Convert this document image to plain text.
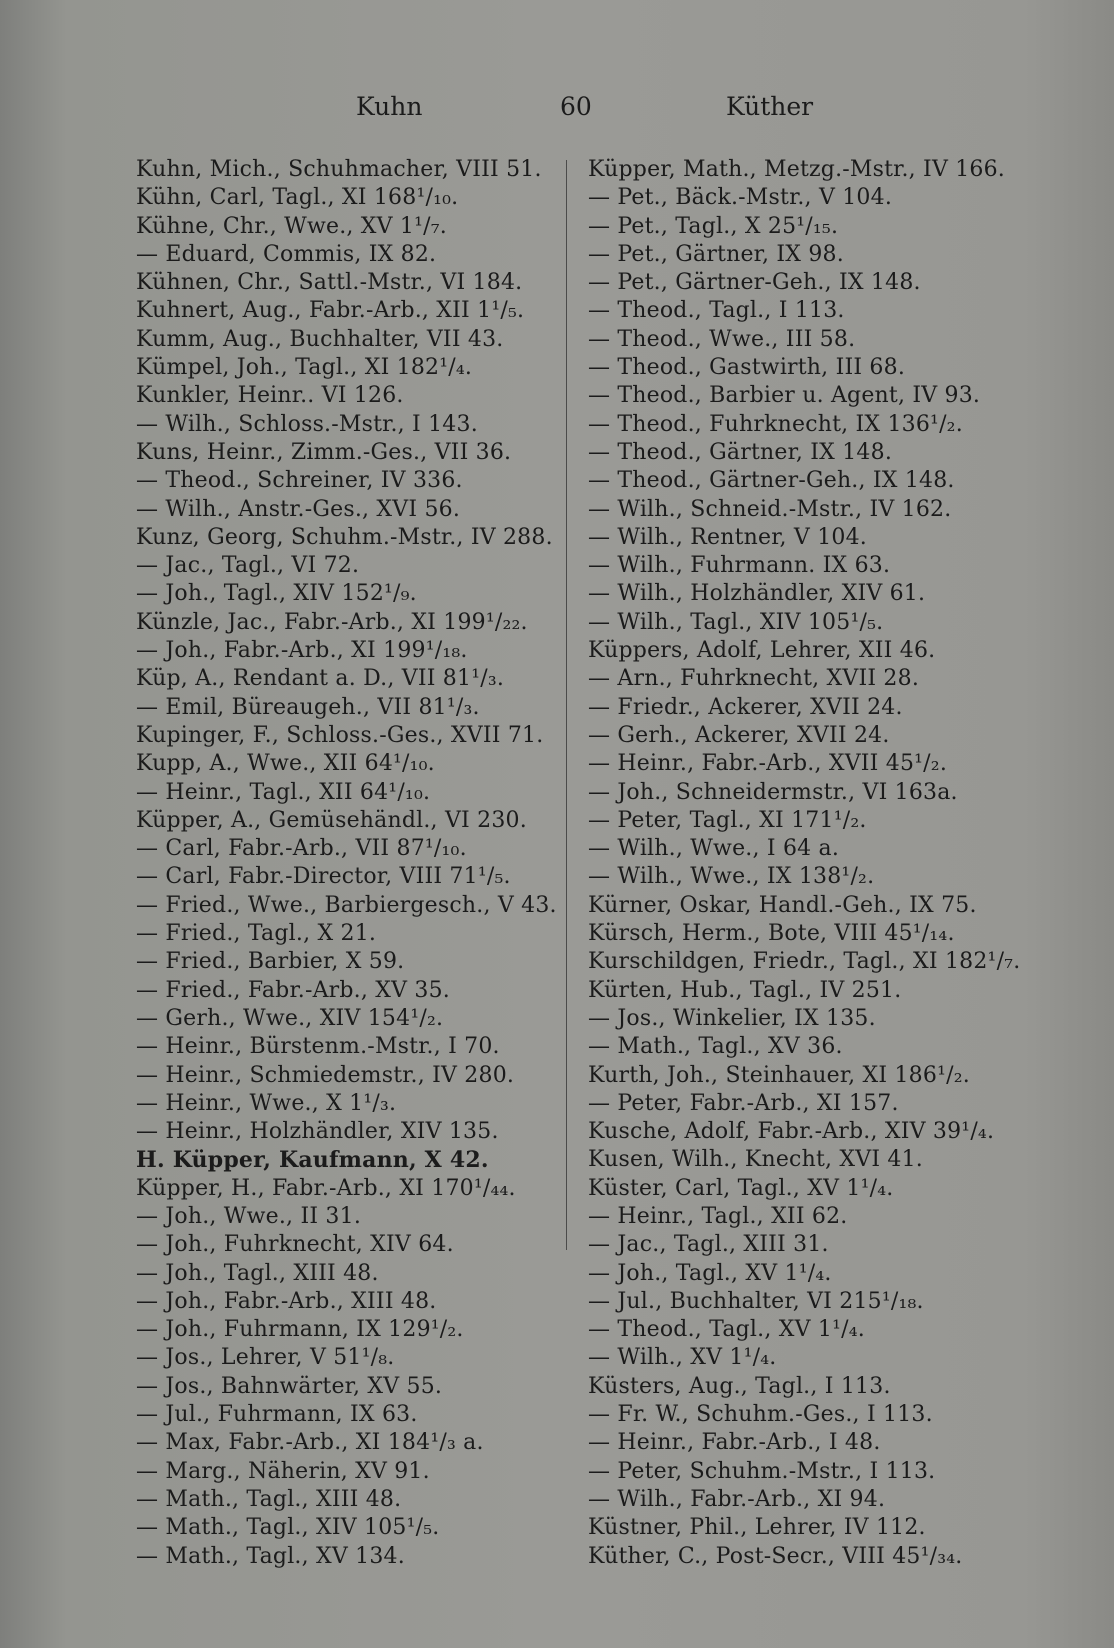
Kuhn	60	Küther
Kuhn, Mich., Schuhmacher, VIII 51.
Kühn, Carl, Tagl., XI 168¹/₁₀.
Kühne, Chr., Wwe., XV 1¹/₇.
— Eduard, Commis, IX 82.
Kühnen, Chr., Sattl.-Mstr., VI 184.
Kuhnert, Aug., Fabr.-Arb., XII 1¹/₅.
Kumm, Aug., Buchhalter, VII 43.
Kümpel, Joh., Tagl., XI 182¹/₄.
Kunkler, Heinr.. VI 126.
— Wilh., Schloss.-Mstr., I 143.
Kuns, Heinr., Zimm.-Ges., VII 36.
— Theod., Schreiner, IV 336.
— Wilh., Anstr.-Ges., XVI 56.
Kunz, Georg, Schuhm.-Mstr., IV 288.
— Jac., Tagl., VI 72.
— Joh., Tagl., XIV 152¹/₉.
Künzle, Jac., Fabr.-Arb., XI 199¹/₂₂.
— Joh., Fabr.-Arb., XI 199¹/₁₈.
Küp, A., Rendant a. D., VII 81¹/₃.
— Emil, Büreaugeh., VII 81¹/₃.
Kupinger, F., Schloss.-Ges., XVII 71.
Kupp, A., Wwe., XII 64¹/₁₀.
— Heinr., Tagl., XII 64¹/₁₀.
Küpper, A., Gemüsehändl., VI 230.
— Carl, Fabr.-Arb., VII 87¹/₁₀.
— Carl, Fabr.-Director, VIII 71¹/₅.
— Fried., Wwe., Barbiergesch., V 43.
— Fried., Tagl., X 21.
— Fried., Barbier, X 59.
— Fried., Fabr.-Arb., XV 35.
— Gerh., Wwe., XIV 154¹/₂.
— Heinr., Bürstenm.-Mstr., I 70.
— Heinr., Schmiedemstr., IV 280.
— Heinr., Wwe., X 1¹/₃.
— Heinr., Holzhändler, XIV 135.
H. Küpper, Kaufmann, X 42.
Küpper, H., Fabr.-Arb., XI 170¹/₄₄.
— Joh., Wwe., II 31.
— Joh., Fuhrknecht, XIV 64.
— Joh., Tagl., XIII 48.
— Joh., Fabr.-Arb., XIII 48.
— Joh., Fuhrmann, IX 129¹/₂.
— Jos., Lehrer, V 51¹/₈.
— Jos., Bahnwärter, XV 55.
— Jul., Fuhrmann, IX 63.
— Max, Fabr.-Arb., XI 184¹/₃ a.
— Marg., Näherin, XV 91.
— Math., Tagl., XIII 48.
— Math., Tagl., XIV 105¹/₅.
— Math., Tagl., XV 134.
Küpper, Math., Metzg.-Mstr., IV 166.
— Pet., Bäck.-Mstr., V 104.
— Pet., Tagl., X 25¹/₁₅.
— Pet., Gärtner, IX 98.
— Pet., Gärtner-Geh., IX 148.
— Theod., Tagl., I 113.
— Theod., Wwe., III 58.
— Theod., Gastwirth, III 68.
— Theod., Barbier u. Agent, IV 93.
— Theod., Fuhrknecht, IX 136¹/₂.
— Theod., Gärtner, IX 148.
— Theod., Gärtner-Geh., IX 148.
— Wilh., Schneid.-Mstr., IV 162.
— Wilh., Rentner, V 104.
— Wilh., Fuhrmann. IX 63.
— Wilh., Holzhändler, XIV 61.
— Wilh., Tagl., XIV 105¹/₅.
Küppers, Adolf, Lehrer, XII 46.
— Arn., Fuhrknecht, XVII 28.
— Friedr., Ackerer, XVII 24.
— Gerh., Ackerer, XVII 24.
— Heinr., Fabr.-Arb., XVII 45¹/₂.
— Joh., Schneidermstr., VI 163a.
— Peter, Tagl., XI 171¹/₂.
— Wilh., Wwe., I 64 a.
— Wilh., Wwe., IX 138¹/₂.
Kürner, Oskar, Handl.-Geh., IX 75.
Kürsch, Herm., Bote, VIII 45¹/₁₄.
Kurschildgen, Friedr., Tagl., XI 182¹/₇.
Kürten, Hub., Tagl., IV 251.
— Jos., Winkelier, IX 135.
— Math., Tagl., XV 36.
Kurth, Joh., Steinhauer, XI 186¹/₂.
— Peter, Fabr.-Arb., XI 157.
Kusche, Adolf, Fabr.-Arb., XIV 39¹/₄.
Kusen, Wilh., Knecht, XVI 41.
Küster, Carl, Tagl., XV 1¹/₄.
— Heinr., Tagl., XII 62.
— Jac., Tagl., XIII 31.
— Joh., Tagl., XV 1¹/₄.
— Jul., Buchhalter, VI 215¹/₁₈.
— Theod., Tagl., XV 1¹/₄.
— Wilh., XV 1¹/₄.
Küsters, Aug., Tagl., I 113.
— Fr. W., Schuhm.-Ges., I 113.
— Heinr., Fabr.-Arb., I 48.
— Peter, Schuhm.-Mstr., I 113.
— Wilh., Fabr.-Arb., XI 94.
Küstner, Phil., Lehrer, IV 112.
Küther, C., Post-Secr., VIII 45¹/₃₄.
